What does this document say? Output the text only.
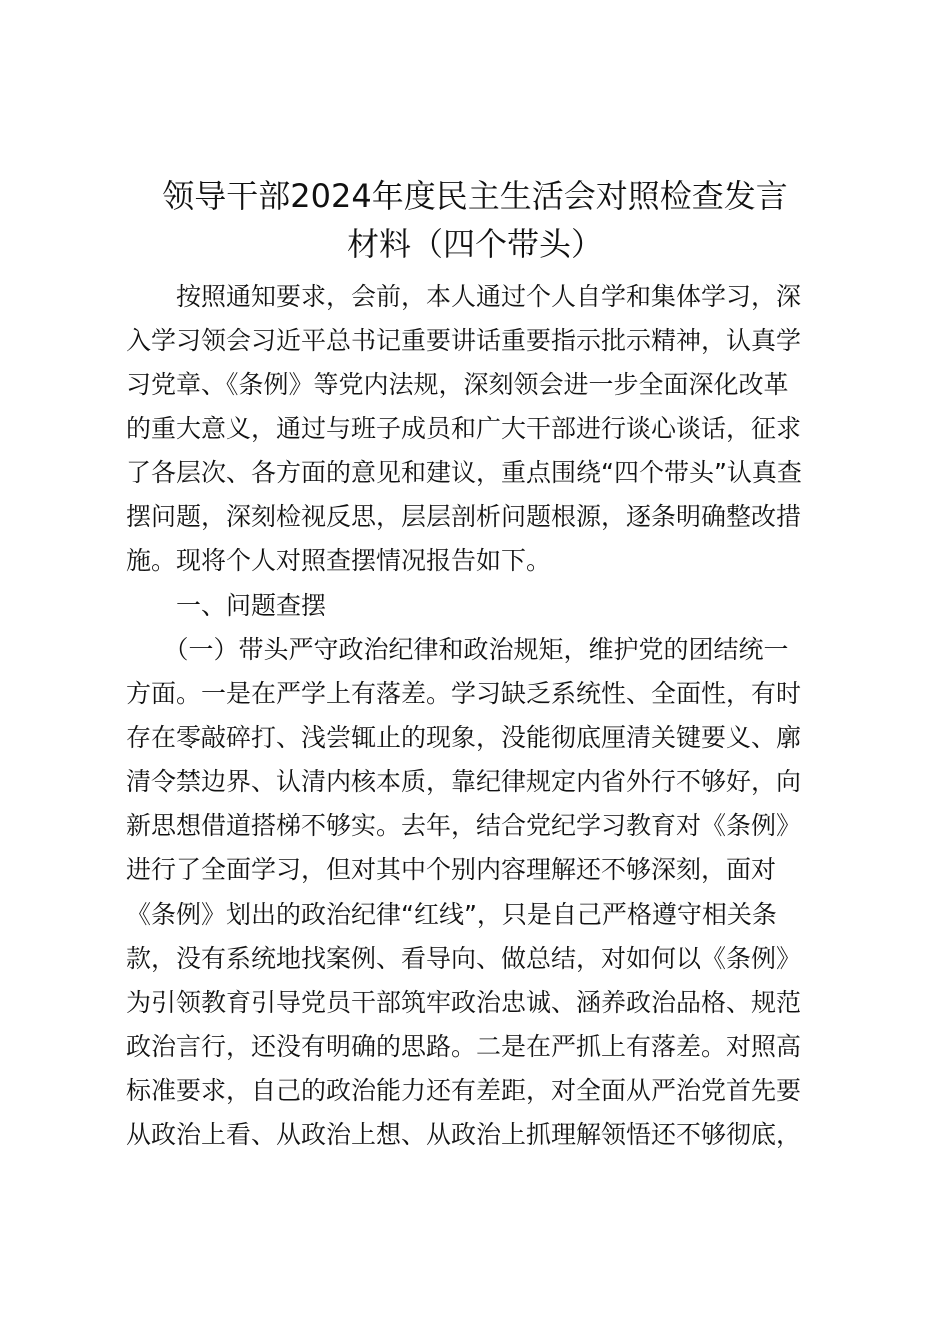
领导干部2024年度民主生活会对照检查发言
材料（四个带头）
　　按照通知要求，会前，本人通过个人自学和集体学习，深
入学习领会习近平总书记重要讲话重要指示批示精神，认真学
习党章、《条例》等党内法规，深刻领会进一步全面深化改革
的重大意义，通过与班子成员和广大干部进行谈心谈话，征求
了各层次、各方面的意见和建议，重点围绕“四个带头”认真查
摆问题，深刻检视反思，层层剖析问题根源，逐条明确整改措
施。现将个人对照查摆情况报告如下。
　　一、问题查摆
　　（一）带头严守政治纪律和政治规矩，维护党的团结统一
方面。一是在严学上有落差。学习缺乏系统性、全面性，有时
存在零敲碎打、浅尝辄止的现象，没能彻底厘清关键要义、廓
清令禁边界、认清内核本质，靠纪律规定内省外行不够好，向
新思想借道搭梯不够实。去年，结合党纪学习教育对《条例》
进行了全面学习，但对其中个别内容理解还不够深刻，面对
《条例》划出的政治纪律“红线”，只是自己严格遵守相关条
款，没有系统地找案例、看导向、做总结，对如何以《条例》
为引领教育引导党员干部筑牢政治忠诚、涵养政治品格、规范
政治言行，还没有明确的思路。二是在严抓上有落差。对照高
标准要求，自己的政治能力还有差距，对全面从严治党首先要
从政治上看、从政治上想、从政治上抓理解领悟还不够彻底，
